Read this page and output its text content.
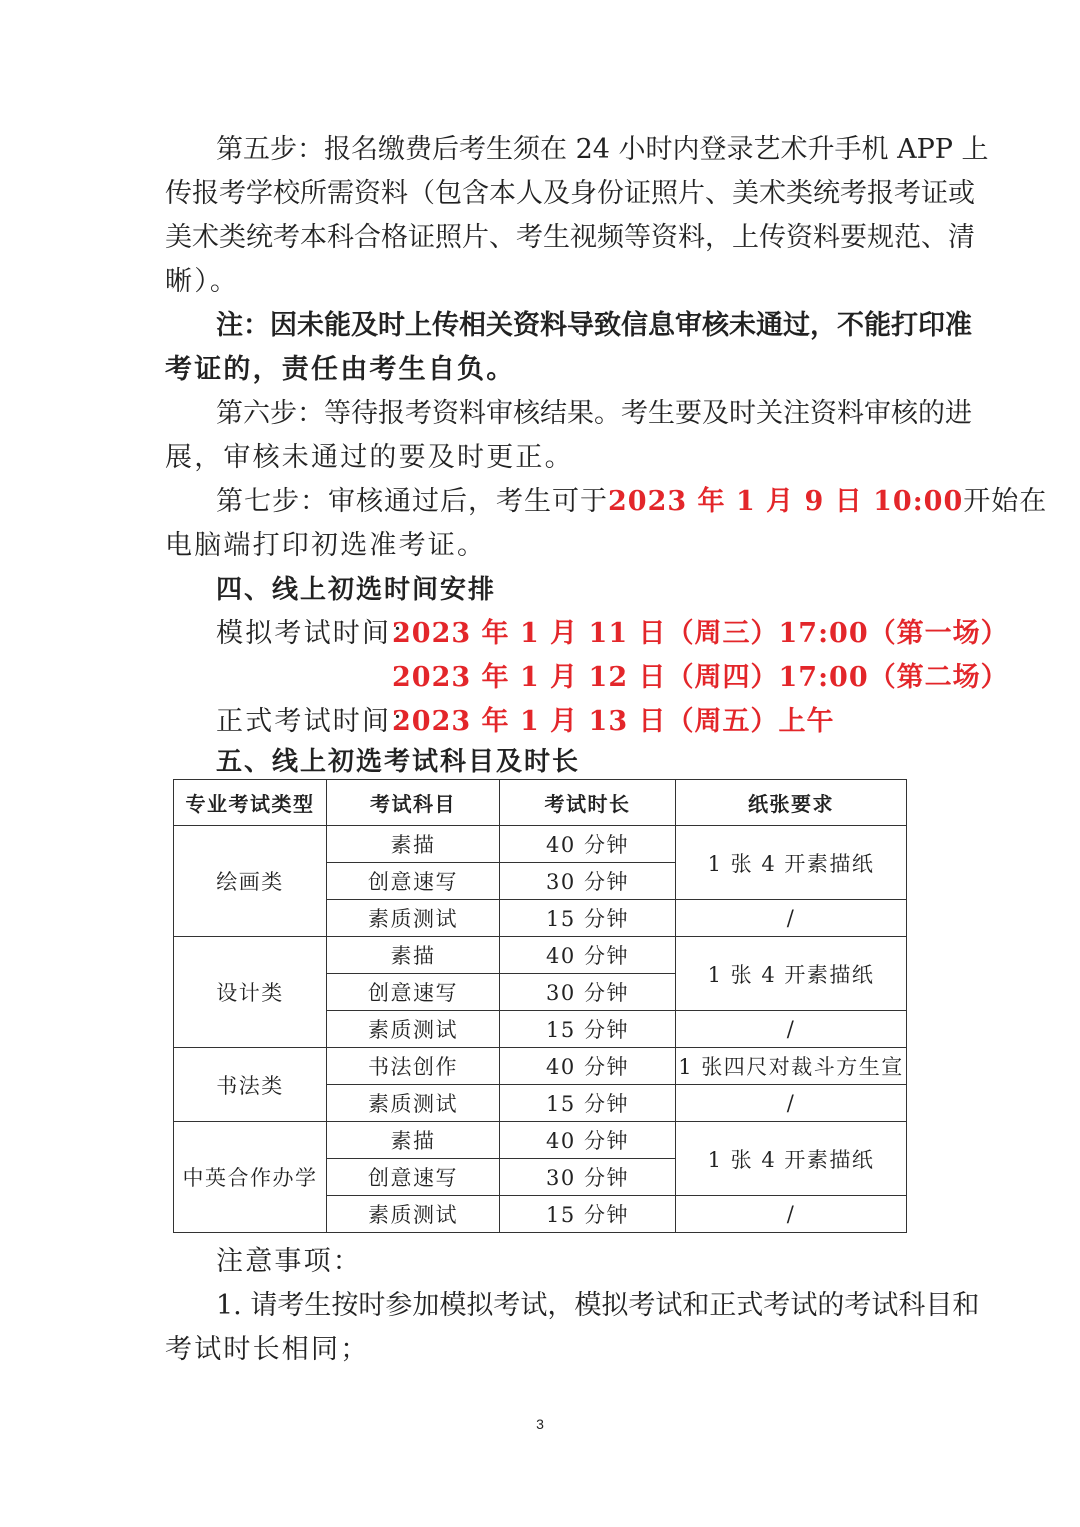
第五步：报名缴费后考生须在 24 小时内登录艺术升手机 APP 上

传报考学校所需资料（包含本人及身份证照片、美术类统考报考证或

美术类统考本科合格证照片、考生视频等资料，上传资料要规范、清

晰）。

注：因未能及时上传相关资料导致信息审核未通过，不能打印准

考证的，责任由考生自负。

第六步：等待报考资料审核结果。考生要及时关注资料审核的进

展，审核未通过的要及时更正。

第七步：审核通过后，考生可于 2023 年 1 月 9 日 10:00 开始在

电脑端打印初选准考证。

四、线上初选时间安排

模拟考试时间：

2023 年 1 月 11 日（周三）17:00（第一场）

2023 年 1 月 12 日（周四）17:00（第二场）

正式考试时间：

2023 年 1 月 13 日（周五）上午

五、线上初选考试科目及时长

专业考试类型	考试科目	考试时长	纸张要求
绘画类	素描	40 分钟	1 张 4 开素描纸
	创意速写	30 分钟	
	素质测试	15 分钟	/
设计类	素描	40 分钟	1 张 4 开素描纸
	创意速写	30 分钟	
	素质测试	15 分钟	/
书法类	书法创作	40 分钟	1 张四尺对裁斗方生宣
	素质测试	15 分钟	/
中英合作办学	素描	40 分钟	1 张 4 开素描纸
	创意速写	30 分钟	
	素质测试	15 分钟	/

注意事项：

1. 请考生按时参加模拟考试，模拟考试和正式考试的考试科目和

考试时长相同；

3
